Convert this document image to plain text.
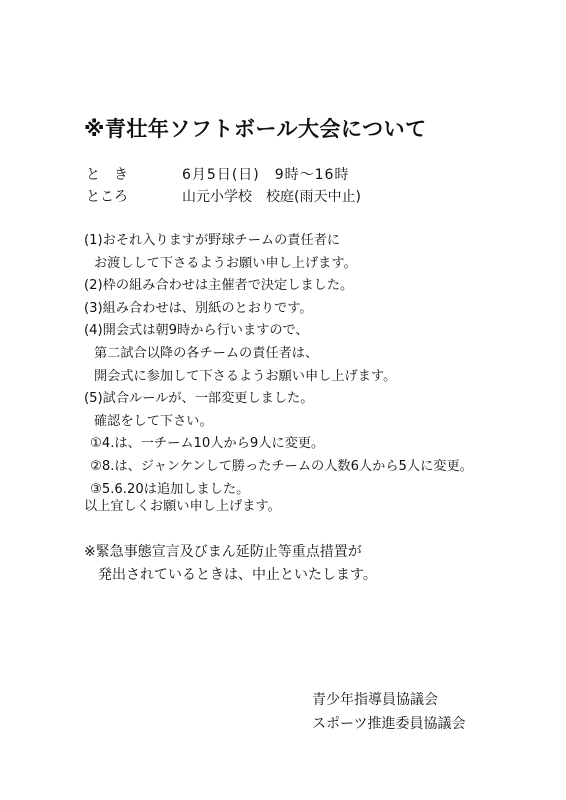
※青壮年ソフトボール大会について
と　き	6月5日(日)　9時〜16時
ところ	山元小学校　校庭(雨天中止)
(1)おそれ入りますが野球チームの責任者に
お渡しして下さるようお願い申し上げます。
(2)枠の組み合わせは主催者で決定しました。
(3)組み合わせは、別紙のとおりです。
(4)開会式は朝9時から行いますので、
第二試合以降の各チームの責任者は、
開会式に参加して下さるようお願い申し上げます。
(5)試合ルールが、一部変更しました。
確認をして下さい。
①4.は、一チーム10人から9人に変更。
②8.は、ジャンケンして勝ったチームの人数6人から5人に変更。
③5.6.20は追加しました。
以上宜しくお願い申し上げます。
※緊急事態宣言及びまん延防止等重点措置が
発出されているときは、中止といたします。
青少年指導員協議会
スポーツ推進委員協議会
